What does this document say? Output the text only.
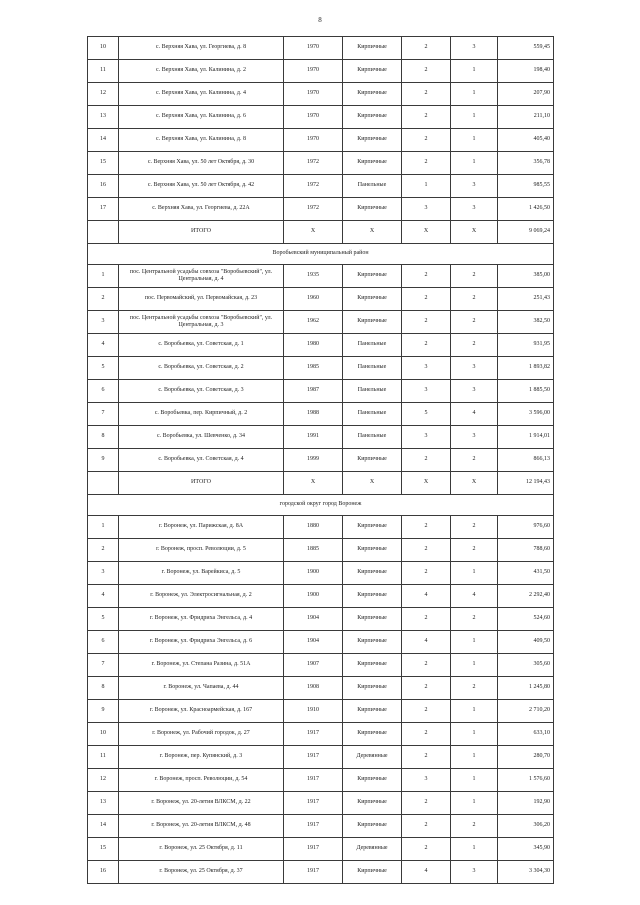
8
10	с. Верхняя Хава, ул. Георгиева, д. 8	1970	Кирпичные	2	3	559,45
11	с. Верхняя Хава, ул. Калинина, д. 2	1970	Кирпичные	2	1	198,40
12	с. Верхняя Хава, ул. Калинина, д. 4	1970	Кирпичные	2	1	207,90
13	с. Верхняя Хава, ул. Калинина, д. 6	1970	Кирпичные	2	1	211,10
14	с. Верхняя Хава, ул. Калинина, д. 8	1970	Кирпичные	2	1	405,40
15	с. Верхняя Хава, ул. 50 лет Октября, д. 30	1972	Кирпичные	2	1	356,78
16	с. Верхняя Хава, ул. 50 лет Октября, д. 42	1972	Панельные	1	3	985,55
17	с. Верхняя Хава, ул. Георгиева, д. 22А	1972	Кирпичные	3	3	1 426,50
	ИТОГО	X	X	X	X	9 069,24
Воробьевский муниципальный район						
1	пос. Центральной усадьбы совхоза "Воробьевский", ул. Центральная, д. 4	1935	Кирпичные	2	2	385,00
2	пос. Первомайский, ул. Первомайская, д. 23	1960	Кирпичные	2	2	251,43
3	пос. Центральной усадьбы совхоза "Воробьевский", ул. Центральная, д. 3	1962	Кирпичные	2	2	382,50
4	с. Воробьевка, ул. Советская, д. 1	1980	Панельные	2	2	931,95
5	с. Воробьевка, ул. Советская, д. 2	1985	Панельные	3	3	1 893,82
6	с. Воробьевка, ул. Советская, д. 3	1987	Панельные	3	3	1 885,50
7	с. Воробьевка, пер. Кирпичный, д. 2	1988	Панельные	5	4	3 596,00
8	с. Воробьевка, ул. Шевченко, д. 34	1991	Панельные	3	3	1 914,01
9	с. Воробьевка, ул. Советская, д. 4	1999	Кирпичные	2	2	866,13
	ИТОГО	X	X	X	X	12 194,43
городской округ город Воронеж						
1	г. Воронеж, ул. Парижская, д. 8А	1880	Кирпичные	2	2	976,60
2	г. Воронеж, просп. Революции, д. 5	1885	Кирпичные	2	2	788,60
3	г. Воронеж, ул. Варейкиса, д. 5	1900	Кирпичные	2	1	431,50
4	г. Воронеж, ул. Электросигнальная, д. 2	1900	Кирпичные	4	4	2 292,40
5	г. Воронеж, ул. Фридриха Энгельса, д. 4	1904	Кирпичные	2	2	524,60
6	г. Воронеж, ул. Фридриха Энгельса, д. 6	1904	Кирпичные	4	1	409,50
7	г. Воронеж, ул. Степана Разина, д. 51А	1907	Кирпичные	2	1	305,60
8	г. Воронеж, ул. Чапаева, д. 44	1908	Кирпичные	2	2	1 245,80
9	г. Воронеж, ул. Красноармейская, д. 167	1910	Кирпичные	2	1	2 710,20
10	г. Воронеж, ул. Рабочий городок, д. 27	1917	Кирпичные	2	1	633,10
11	г. Воронеж, пер. Купянский, д. 3	1917	Деревянные	2	1	280,70
12	г. Воронеж, просп. Революции, д. 54	1917	Кирпичные	3	1	1 576,60
13	г. Воронеж, ул. 20-летия ВЛКСМ, д. 22	1917	Кирпичные	2	1	192,90
14	г. Воронеж, ул. 20-летия ВЛКСМ, д. 48	1917	Кирпичные	2	2	306,20
15	г. Воронеж, ул. 25 Октября, д. 11	1917	Деревянные	2	1	345,90
16	г. Воронеж, ул. 25 Октября, д. 37	1917	Кирпичные	4	3	3 304,30
